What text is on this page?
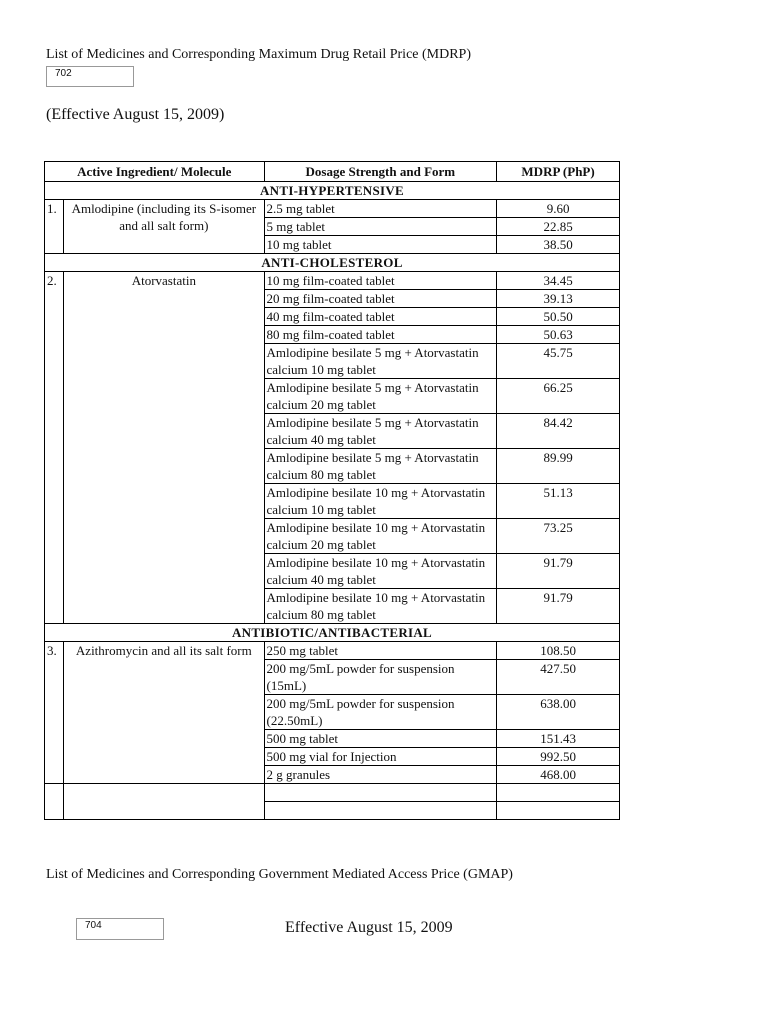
List of Medicines and Corresponding Maximum Drug Retail Price (MDRP)
702
(Effective August 15, 2009)
Active Ingredient/ Molecule		Dosage Strength and Form	MDRP (PhP)
ANTI-HYPERTENSIVE			
1.	Amlodipine (including its S-isomer and all salt form)	2.5 mg tablet	9.60
		5 mg tablet	22.85
		10 mg tablet	38.50
ANTI-CHOLESTEROL			
2.	Atorvastatin	10 mg film-coated tablet	34.45
		20 mg film-coated tablet	39.13
		40 mg film-coated tablet	50.50
		80 mg film-coated tablet	50.63
		Amlodipine besilate 5 mg + Atorvastatin calcium 10 mg tablet	45.75
		Amlodipine besilate 5 mg + Atorvastatin calcium 20 mg tablet	66.25
		Amlodipine besilate 5 mg + Atorvastatin calcium 40 mg tablet	84.42
		Amlodipine besilate 5 mg + Atorvastatin calcium 80 mg tablet	89.99
		Amlodipine besilate 10 mg + Atorvastatin calcium 10 mg tablet	51.13
		Amlodipine besilate 10 mg + Atorvastatin calcium 20 mg tablet	73.25
		Amlodipine besilate 10 mg + Atorvastatin calcium 40 mg tablet	91.79
		Amlodipine besilate 10 mg + Atorvastatin calcium 80 mg tablet	91.79
ANTIBIOTIC/ANTIBACTERIAL			
3.	Azithromycin and all its salt form	250 mg tablet	108.50
		200 mg/5mL powder for suspension (15mL)	427.50
		200 mg/5mL powder for suspension (22.50mL)	638.00
		500 mg tablet	151.43
		500 mg vial for Injection	992.50
		2 g granules	468.00

List of Medicines and Corresponding Government Mediated Access Price (GMAP)
704	Effective August 15, 2009
